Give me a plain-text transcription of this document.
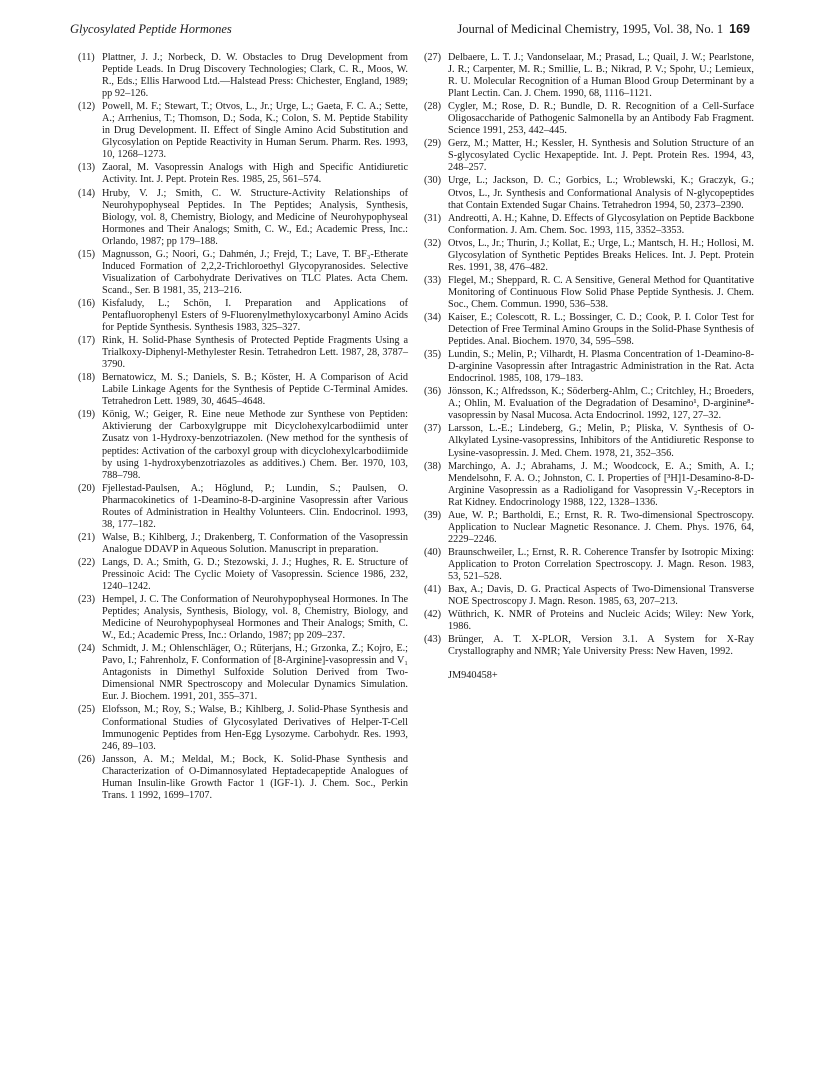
Glycosylated Peptide Hormones	Journal of Medicinal Chemistry, 1995, Vol. 38, No. 1 169
(11) Plattner, J. J.; Norbeck, D. W. Obstacles to Drug Development from Peptide Leads. In Drug Discovery Technologies; Clark, C. R., Moos, W. R., Eds.; Ellis Harwood Ltd.—Halstead Press: Chichester, England, 1989; pp 92–126.
(12) Powell, M. F.; Stewart, T.; Otvos, L., Jr.; Urge, L.; Gaeta, F. C. A.; Sette, A.; Arrhenius, T.; Thomson, D.; Soda, K.; Colon, S. M. Peptide Stability in Drug Development. II. Effect of Single Amino Acid Substitution and Glycosylation on Peptide Reactivity in Human Serum. Pharm. Res. 1993, 10, 1268–1273.
(13) Zaoral, M. Vasopressin Analogs with High and Specific Antidiuretic Activity. Int. J. Pept. Protein Res. 1985, 25, 561–574.
(14) Hruby, V. J.; Smith, C. W. Structure-Activity Relationships of Neurohypophyseal Peptides. In The Peptides; Analysis, Synthesis, Biology, vol. 8, Chemistry, Biology, and Medicine of Neurohypophyseal Hormones and Their Analogs; Smith, C. W., Ed.; Academic Press, Inc.: Orlando, 1987; pp 179–188.
(15) Magnusson, G.; Noori, G.; Dahmén, J.; Frejd, T.; Lave, T. BF₃-Etherate Induced Formation of 2,2,2-Trichloroethyl Glycopyranosides. Selective Visualization of Carbohydrate Derivatives on TLC Plates. Acta Chem. Scand., Ser. B 1981, 35, 213–216.
(16) Kisfaludy, L.; Schön, I. Preparation and Applications of Pentafluorophenyl Esters of 9-Fluorenylmethyloxycarbonyl Amino Acids for Peptide Synthesis. Synthesis 1983, 325–327.
(17) Rink, H. Solid-Phase Synthesis of Protected Peptide Fragments Using a Trialkoxy-Diphenyl-Methylester Resin. Tetrahedron Lett. 1987, 28, 3787–3790.
(18) Bernatowicz, M. S.; Daniels, S. B.; Köster, H. A Comparison of Acid Labile Linkage Agents for the Synthesis of Peptide C-Terminal Amides. Tetrahedron Lett. 1989, 30, 4645–4648.
(19) König, W.; Geiger, R. Eine neue Methode zur Synthese von Peptiden: Aktivierung der Carboxylgruppe mit Dicyclohexylcarbodiimid unter Zusatz von 1-Hydroxy-benzotriazolen. (New method for the synthesis of peptides: Activation of the carboxyl group with dicyclohexylcarbodiimide by using 1-hydroxybenzotriazoles as additives.) Chem. Ber. 1970, 103, 788–798.
(20) Fjellestad-Paulsen, A.; Höglund, P.; Lundin, S.; Paulsen, O. Pharmacokinetics of 1-Deamino-8-D-arginine Vasopressin after Various Routes of Administration in Healthy Volunteers. Clin. Endocrinol. 1993, 38, 177–182.
(21) Walse, B.; Kihlberg, J.; Drakenberg, T. Conformation of the Vasopressin Analogue DDAVP in Aqueous Solution. Manuscript in preparation.
(22) Langs, D. A.; Smith, G. D.; Stezowski, J. J.; Hughes, R. E. Structure of Pressinoic Acid: The Cyclic Moiety of Vasopressin. Science 1986, 232, 1240–1242.
(23) Hempel, J. C. The Conformation of Neurohypophyseal Hormones. In The Peptides; Analysis, Synthesis, Biology, vol. 8, Chemistry, Biology, and Medicine of Neurohypophyseal Hormones and Their Analogs; Smith, C. W., Ed.; Academic Press, Inc.: Orlando, 1987; pp 209–237.
(24) Schmidt, J. M.; Ohlenschläger, O.; Rüterjans, H.; Grzonka, Z.; Kojro, E.; Pavo, I.; Fahrenholz, F. Conformation of [8-Arginine]-vasopressin and V₁ Antagonists in Dimethyl Sulfoxide Solution Derived from Two-Dimensional NMR Spectroscopy and Molecular Dynamics Simulation. Eur. J. Biochem. 1991, 201, 355–371.
(25) Elofsson, M.; Roy, S.; Walse, B.; Kihlberg, J. Solid-Phase Synthesis and Conformational Studies of Glycosylated Derivatives of Helper-T-Cell Immunogenic Peptides from Hen-Egg Lysozyme. Carbohydr. Res. 1993, 246, 89–103.
(26) Jansson, A. M.; Meldal, M.; Bock, K. Solid-Phase Synthesis and Characterization of O-Dimannosylated Heptadecapeptide Analogues of Human Insulin-like Growth Factor 1 (IGF-1). J. Chem. Soc., Perkin Trans. 1 1992, 1699–1707.
(27) Delbaere, L. T. J.; Vandonselaar, M.; Prasad, L.; Quail, J. W.; Pearlstone, J. R.; Carpenter, M. R.; Smillie, L. B.; Nikrad, P. V.; Spohr, U.; Lemieux, R. U. Molecular Recognition of a Human Blood Group Determinant by a Plant Lectin. Can. J. Chem. 1990, 68, 1116–1121.
(28) Cygler, M.; Rose, D. R.; Bundle, D. R. Recognition of a Cell-Surface Oligosaccharide of Pathogenic Salmonella by an Antibody Fab Fragment. Science 1991, 253, 442–445.
(29) Gerz, M.; Matter, H.; Kessler, H. Synthesis and Solution Structure of an S-glycosylated Cyclic Hexapeptide. Int. J. Pept. Protein Res. 1994, 43, 248–257.
(30) Urge, L.; Jackson, D. C.; Gorbics, L.; Wroblewski, K.; Graczyk, G.; Otvos, L., Jr. Synthesis and Conformational Analysis of N-glycopeptides that Contain Extended Sugar Chains. Tetrahedron 1994, 50, 2373–2390.
(31) Andreotti, A. H.; Kahne, D. Effects of Glycosylation on Peptide Backbone Conformation. J. Am. Chem. Soc. 1993, 115, 3352–3353.
(32) Otvos, L., Jr.; Thurin, J.; Kollat, E.; Urge, L.; Mantsch, H. H.; Hollosi, M. Glycosylation of Synthetic Peptides Breaks Helices. Int. J. Pept. Protein Res. 1991, 38, 476–482.
(33) Flegel, M.; Sheppard, R. C. A Sensitive, General Method for Quantitative Monitoring of Continuous Flow Solid Phase Peptide Synthesis. J. Chem. Soc., Chem. Commun. 1990, 536–538.
(34) Kaiser, E.; Colescott, R. L.; Bossinger, C. D.; Cook, P. I. Color Test for Detection of Free Terminal Amino Groups in the Solid-Phase Synthesis of Peptides. Anal. Biochem. 1970, 34, 595–598.
(35) Lundin, S.; Melin, P.; Vilhardt, H. Plasma Concentration of 1-Deamino-8-D-arginine Vasopressin after Intragastric Administration in the Rat. Acta Endocrinol. 1985, 108, 179–183.
(36) Jönsson, K.; Alfredsson, K.; Söderberg-Ahlm, C.; Critchley, H.; Broeders, A.; Ohlin, M. Evaluation of the Degradation of Desamino¹, D-arginine⁸-vasopressin by Nasal Mucosa. Acta Endocrinol. 1992, 127, 27–32.
(37) Larsson, L.-E.; Lindeberg, G.; Melin, P.; Pliska, V. Synthesis of O-Alkylated Lysine-vasopressins, Inhibitors of the Antidiuretic Response to Lysine-vasopressin. J. Med. Chem. 1978, 21, 352–356.
(38) Marchingo, A. J.; Abrahams, J. M.; Woodcock, E. A.; Smith, A. I.; Mendelsohn, F. A. O.; Johnston, C. I. Properties of [³H]1-Desamino-8-D-Arginine Vasopressin as a Radioligand for Vasopressin V₂-Receptors in Rat Kidney. Endocrinology 1988, 122, 1328–1336.
(39) Aue, W. P.; Bartholdi, E.; Ernst, R. R. Two-dimensional Spectroscopy. Application to Nuclear Magnetic Resonance. J. Chem. Phys. 1976, 64, 2229–2246.
(40) Braunschweiler, L.; Ernst, R. R. Coherence Transfer by Isotropic Mixing: Application to Proton Correlation Spectroscopy. J. Magn. Reson. 1983, 53, 521–528.
(41) Bax, A.; Davis, D. G. Practical Aspects of Two-Dimensional Transverse NOE Spectroscopy J. Magn. Reson. 1985, 63, 207–213.
(42) Wüthrich, K. NMR of Proteins and Nucleic Acids; Wiley: New York, 1986.
(43) Brünger, A. T. X-PLOR, Version 3.1. A System for X-Ray Crystallography and NMR; Yale University Press: New Haven, 1992.
JM940458+
